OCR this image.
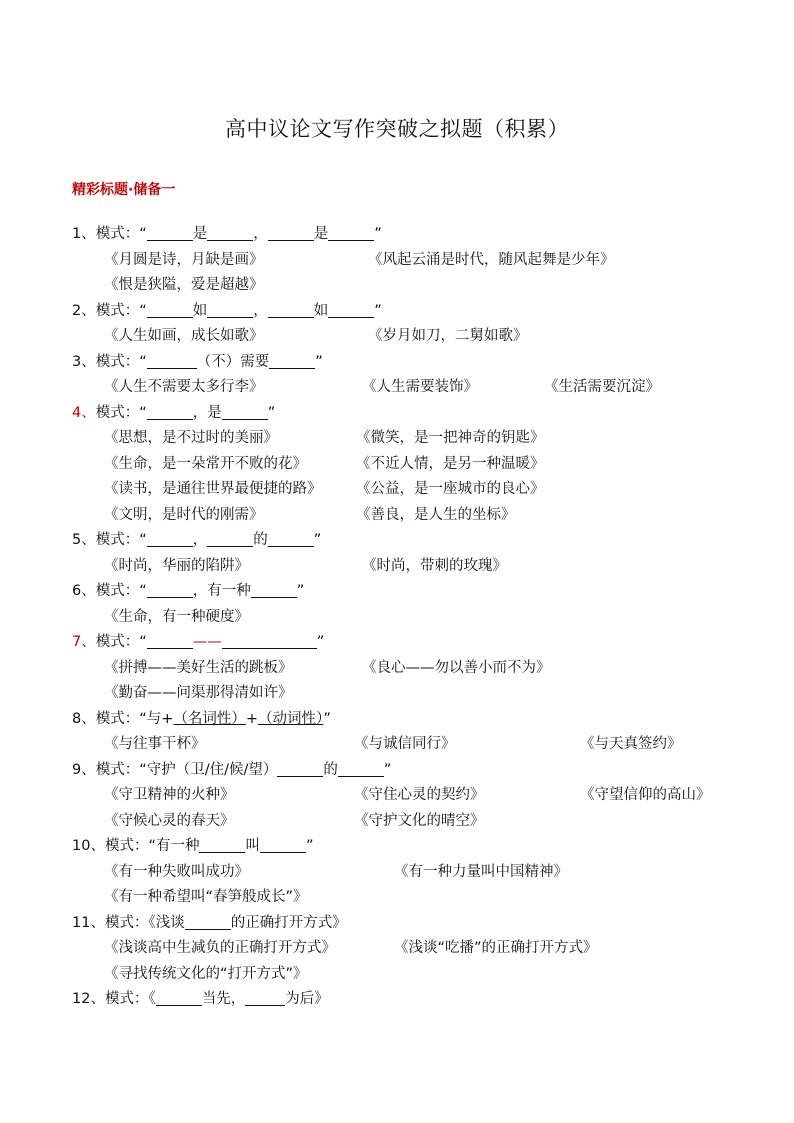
高中议论文写作突破之拟题（积累）
精彩标题·储备一
1、模式：“	是	，	是	”
《月圆是诗，月缺是画》	《风起云涌是时代，随风起舞是少年》
《恨是狭隘，爱是超越》
2、模式：“	如	，	如	”
《人生如画，成长如歌》	《岁月如刀，二舅如歌》
3、模式：“	（不）需要	”
《人生不需要太多行李》	《人生需要装饰》	《生活需要沉淀》
4、模式：“	，是	”
《思想，是不过时的美丽》	《微笑，是一把神奇的钥匙》
《生命，是一朵常开不败的花》	《不近人情，是另一种温暖》
《读书，是通往世界最便捷的路》 《公益，是一座城市的良心》
《文明，是时代的刚需》	《善良，是人生的坐标》
5、模式：“	，	的	”
《时尚，华丽的陷阱》	《时尚，带刺的玫瑰》
6、模式：“	，有一种	”
《生命，有一种硬度》
7、模式：“	——	”
《拼搏——美好生活的跳板》	《良心——勿以善小而不为》
《勤奋——问渠那得清如许》
8、模式：“与+（名词性）+（动词性）”
《与往事干杯》	《与诚信同行》	《与天真签约》
9、模式：“守护（卫/住/候/望）	的	”
《守卫精神的火种》	《守住心灵的契约》	《守望信仰的高山》
《守候心灵的春天》	《守护文化的晴空》
10、模式：“有一种	叫	”
《有一种失败叫成功》	《有一种力量叫中国精神》
《有一种希望叫“春笋般成长”》
11、模式：《浅谈	的正确打开方式》
《浅谈高中生减负的正确打开方式》	《浅谈“吃播”的正确打开方式》
《寻找传统文化的“打开方式”》
12、模式：《	当先，	为后》
